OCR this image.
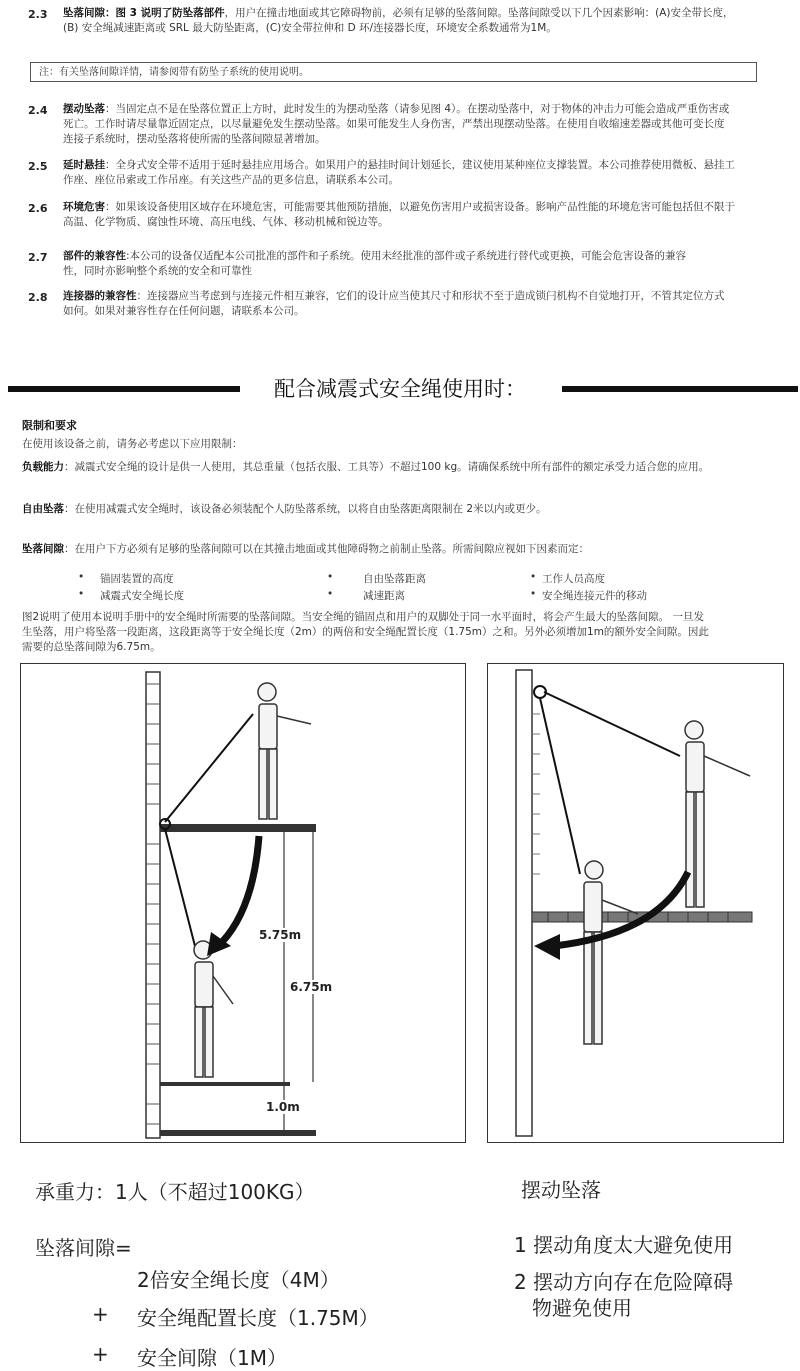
2.3 坠落间隙：图 3 说明了防坠落部件，用户在撞击地面或其它障碍物前，必须有足够的坠落间隙。坠落间隙受以下几个因素影响：(A)安全带长度，
(B) 安全绳减速距离或 SRL 最大防坠距离，(C)安全带拉伸和 D 环/连接器长度，环境安全系数通常为1M。
注：有关坠落间隙详情，请参阅带有防坠子系统的使用说明。
2.4 摆动坠落：当固定点不是在坠落位置正上方时，此时发生的为摆动坠落（请参见图 4）。在摆动坠落中，对于物体的冲击力可能会造成严重伤害或
死亡。工作时请尽量靠近固定点，以尽量避免发生摆动坠落。如果可能发生人身伤害，严禁出现摆动坠落。在使用自收缩速差器或其他可变长度
连接子系统时，摆动坠落将使所需的坠落间隙显著增加。
2.5 延时悬挂：全身式安全带不适用于延时悬挂应用场合。如果用户的悬挂时间计划延长，建议使用某种座位支撑装置。本公司推荐使用微板、悬挂工
作座、座位吊索或工作吊座。有关这些产品的更多信息，请联系本公司。
2.6 环境危害：如果该设备使用区域存在环境危害，可能需要其他预防措施，以避免伤害用户或损害设备。影响产品性能的环境危害可能包括但不限于
高温、化学物质、腐蚀性环境、高压电线、气体、移动机械和锐边等。
2.7 部件的兼容性:本公司的设备仅适配本公司批准的部件和子系统。使用未经批准的部件或子系统进行替代或更换，可能会危害设备的兼容
性，同时亦影响整个系统的安全和可靠性
2.8 连接器的兼容性：连接器应当考虑到与连接元件相互兼容，它们的设计应当使其尺寸和形状不至于造成锁闩机构不自觉地打开，不管其定位方式
如何。如果对兼容性存在任何问题，请联系本公司。
配合减震式安全绳使用时：
限制和要求
在使用该设备之前，请务必考虑以下应用限制：
负载能力：减震式安全绳的设计是供一人使用，其总重量（包括衣服、工具等）不超过100 kg。请确保系统中所有部件的额定承受力适合您的应用。
自由坠落：在使用减震式安全绳时，该设备必须装配个人防坠落系统，以将自由坠落距离限制在 2米以内或更少。
坠落间隙：在用户下方必须有足够的坠落间隙可以在其撞击地面或其他障碍物之前制止坠落。所需间隙应视如下因素而定：
• 锚固装置的高度
• 减震式安全绳长度
•	自由坠落距离
•	减速距离
• 工作人员高度
• 安全绳连接元件的移动
图2说明了使用本说明手册中的安全绳时所需要的坠落间隙。当安全绳的锚固点和用户的双脚处于同一水平面时，将会产生最大的坠落间隙。 一旦发
生坠落，用户将坠落一段距离，这段距离等于安全绳长度（2m）的两倍和安全绳配置长度（1.75m）之和。另外必须增加1m的额外安全间隙。因此
需要的总坠落间隙为6.75m。
5.75m
6.75m
1.0m
承重力：1人（不超过100KG）
坠落间隙=
2倍安全绳长度（4M）
+ 安全绳配置长度（1.75M）
+ 安全间隙（1M）
摆动坠落
1 摆动角度太大避免使用
2 摆动方向存在危险障碍
物避免使用
